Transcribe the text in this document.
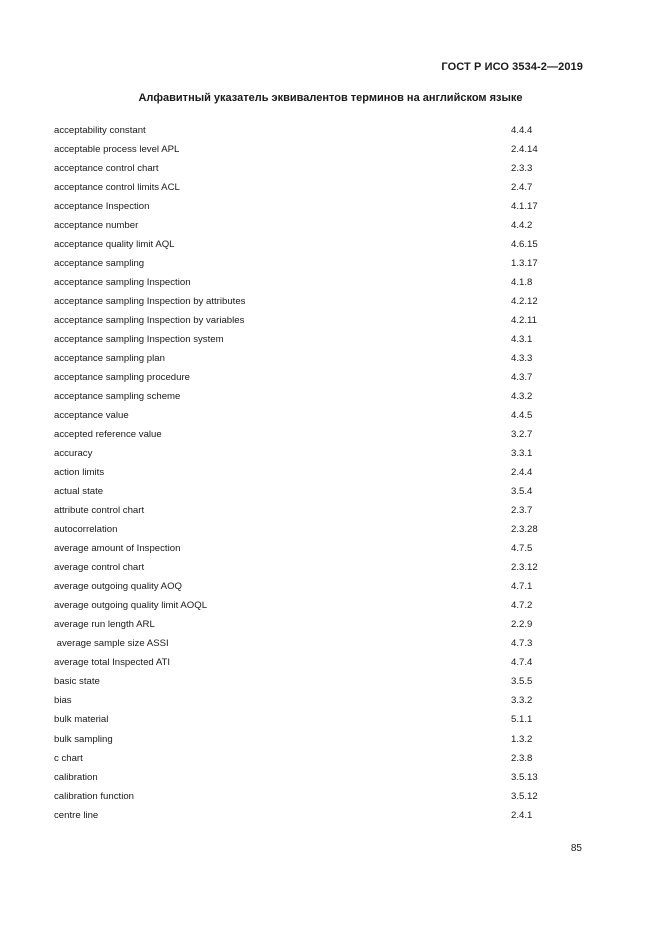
ГОСТ Р ИСО 3534-2—2019
Алфавитный указатель эквивалентов терминов на английском языке
acceptability constant	4.4.4
acceptable process level APL	2.4.14
acceptance control chart	2.3.3
acceptance control limits ACL	2.4.7
acceptance Inspection	4.1.17
acceptance number	4.4.2
acceptance quality limit AQL	4.6.15
acceptance sampling	1.3.17
acceptance sampling Inspection	4.1.8
acceptance sampling Inspection by attributes	4.2.12
acceptance sampling Inspection by variables	4.2.11
acceptance sampling Inspection system	4.3.1
acceptance sampling plan	4.3.3
acceptance sampling procedure	4.3.7
acceptance sampling scheme	4.3.2
acceptance value	4.4.5
accepted reference value	3.2.7
accuracy	3.3.1
action limits	2.4.4
actual state	3.5.4
attribute control chart	2.3.7
autocorrelation	2.3.28
average amount of Inspection	4.7.5
average control chart	2.3.12
average outgoing quality AOQ	4.7.1
average outgoing quality limit AOQL	4.7.2
average run length ARL	2.2.9
average sample size ASSI	4.7.3
average total Inspected ATI	4.7.4
basic state	3.5.5
bias	3.3.2
bulk material	5.1.1
bulk sampling	1.3.2
c chart	2.3.8
calibration	3.5.13
calibration function	3.5.12
centre line	2.4.1
85
